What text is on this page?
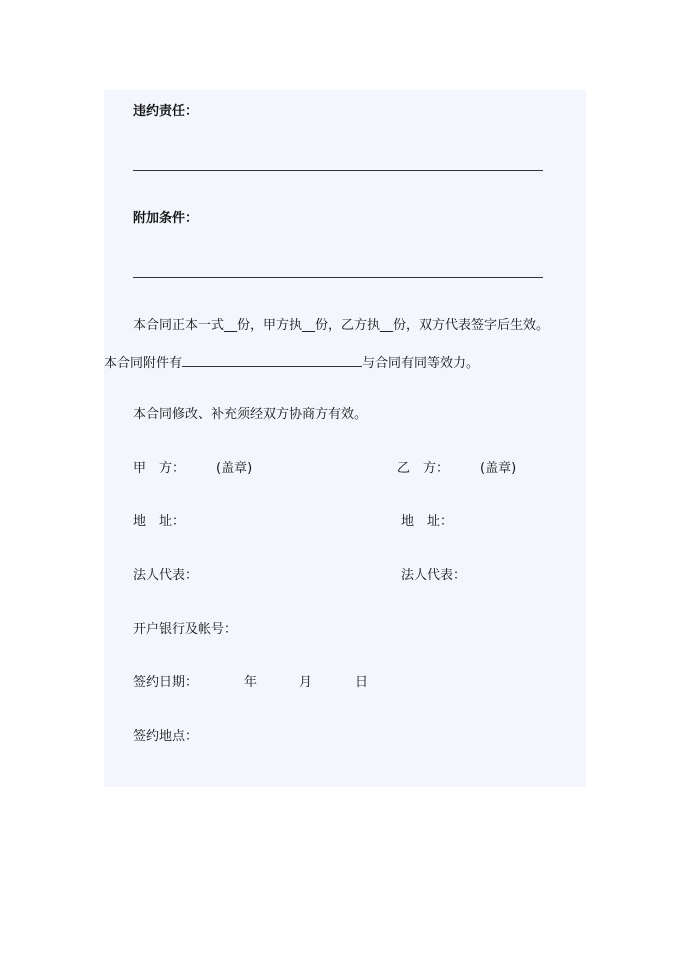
违约责任：
附加条件：
本合同正本一式__份，甲方执__份，乙方执__份，双方代表签字后生效。
本合同附件有	与合同有同等效力。
本合同修改、补充须经双方协商方有效。
甲　方： (盖章)	乙　方： (盖章)
地　址：	地　址：
法人代表：	法人代表：
开户银行及帐号：
签约日期：	年	月	日
签约地点：
